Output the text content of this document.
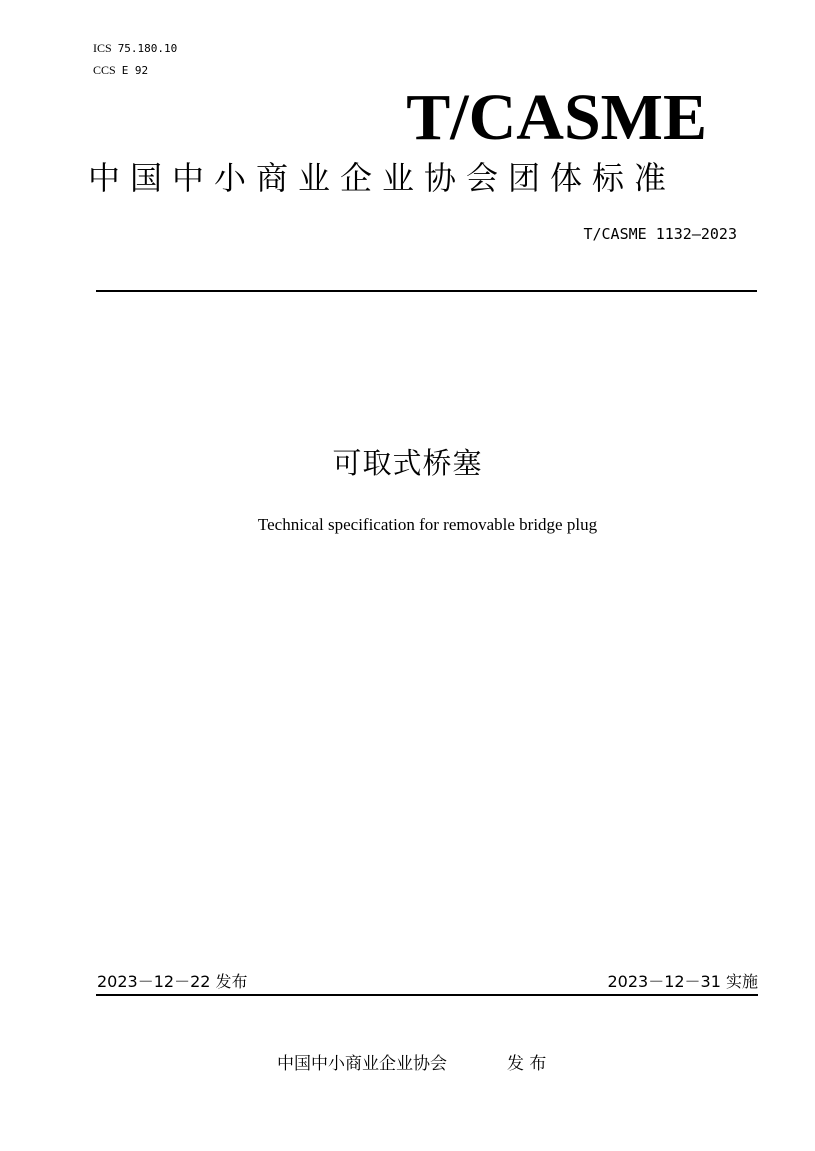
ICS 75.180.10
CCS E 92
T/CASME
中国中小商业企业协会团体标准
T/CASME 1132—2023
可取式桥塞
Technical specification for removable bridge plug
2023－12－22 发布	2023－12－31 实施
中国中小商业企业协会	发 布
